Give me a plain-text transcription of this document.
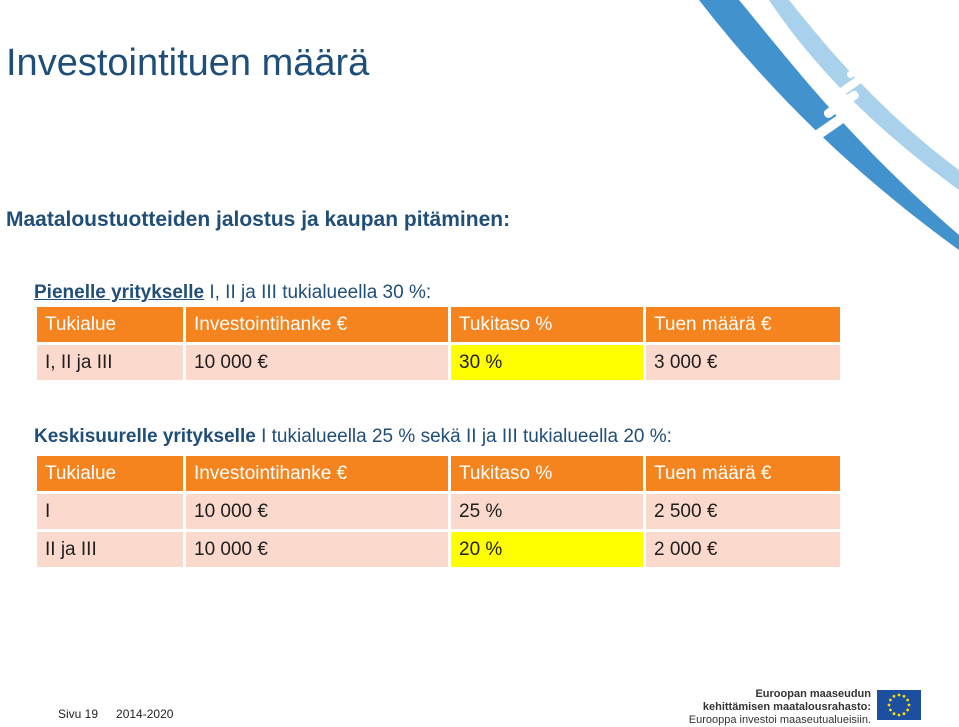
Investointituen määrä
Maataloustuotteiden jalostus ja kaupan pitäminen:
Pienelle yritykselle I, II ja III tukialueella 30 %:
Tukialue	Investointihanke €	Tukitaso %	Tuen määrä €
I, II ja III	10 000 €	30 %	3 000 €
Keskisuurelle yritykselle I tukialueella 25 % sekä II ja III tukialueella 20 %:
Tukialue	Investointihanke €	Tukitaso %	Tuen määrä €
I	10 000 €	25 %	2 500 €
II ja III	10 000 €	20 %	2 000 €
Sivu 19 2014-2020
Euroopan maaseudun
kehittämisen maatalousrahasto:
Eurooppa investoi maaseutualueisiin.
